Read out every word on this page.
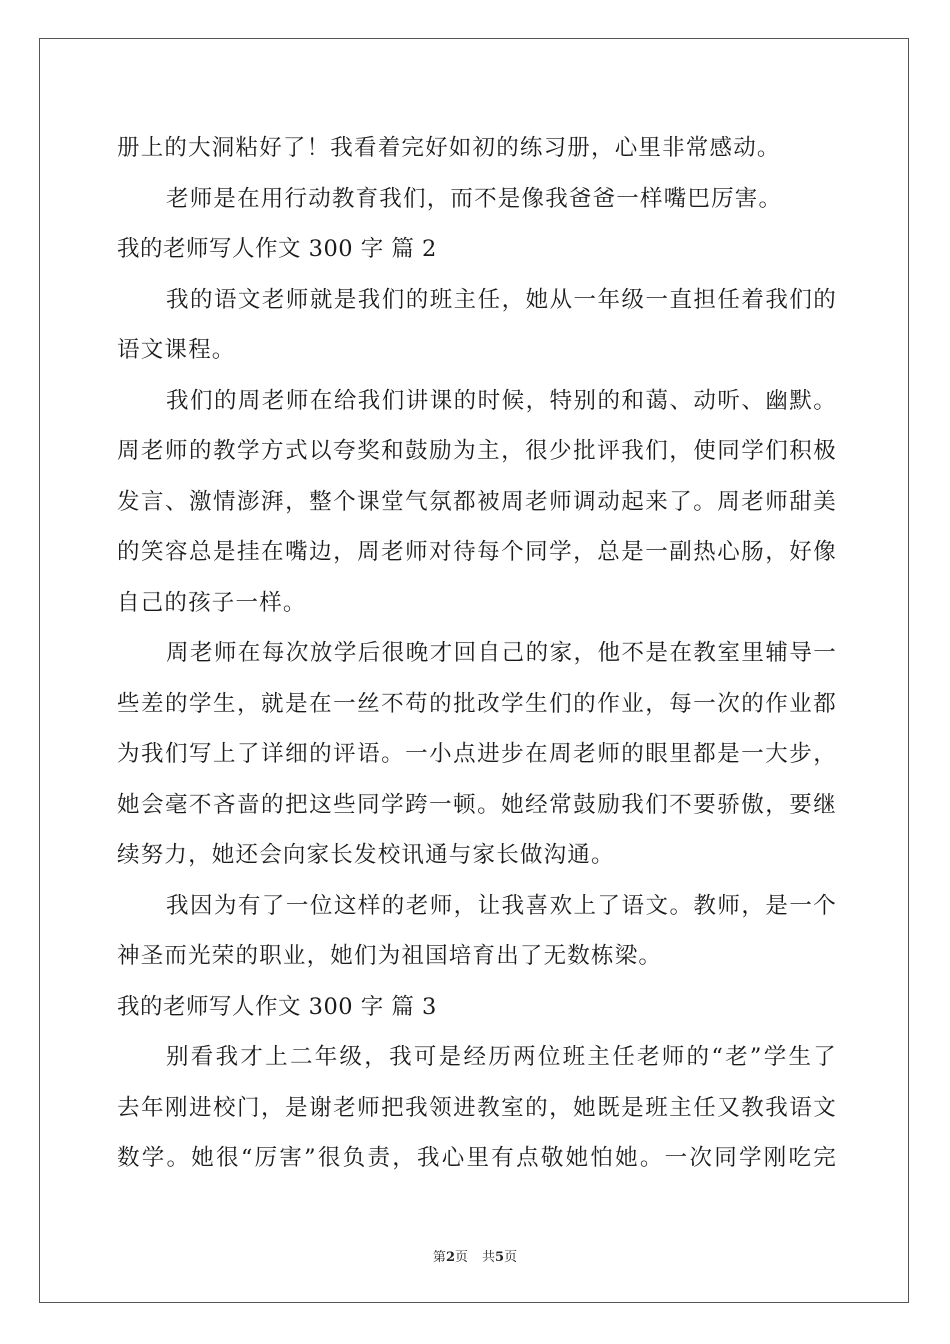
册上的大洞粘好了！我看着完好如初的练习册，心里非常感动。
老师是在用行动教育我们，而不是像我爸爸一样嘴巴厉害。
我的老师写人作文 300 字 篇 2
我的语文老师就是我们的班主任，她从一年级一直担任着我们的
语文课程。
我们的周老师在给我们讲课的时候，特别的和蔼、动听、幽默。
周老师的教学方式以夸奖和鼓励为主，很少批评我们，使同学们积极
发言、激情澎湃，整个课堂气氛都被周老师调动起来了。周老师甜美
的笑容总是挂在嘴边，周老师对待每个同学，总是一副热心肠，好像
自己的孩子一样。
周老师在每次放学后很晚才回自己的家，他不是在教室里辅导一
些差的学生，就是在一丝不苟的批改学生们的作业，每一次的作业都
为我们写上了详细的评语。一小点进步在周老师的眼里都是一大步，
她会毫不吝啬的把这些同学跨一顿。她经常鼓励我们不要骄傲，要继
续努力，她还会向家长发校讯通与家长做沟通。
我因为有了一位这样的老师，让我喜欢上了语文。教师，是一个
神圣而光荣的职业，她们为祖国培育出了无数栋梁。
我的老师写人作文 300 字 篇 3
别看我才上二年级，我可是经历两位班主任老师的“老”学生了
去年刚进校门，是谢老师把我领进教室的，她既是班主任又教我语文
数学。她很“厉害”很负责，我心里有点敬她怕她。一次同学刚吃完
第2页 共5页
